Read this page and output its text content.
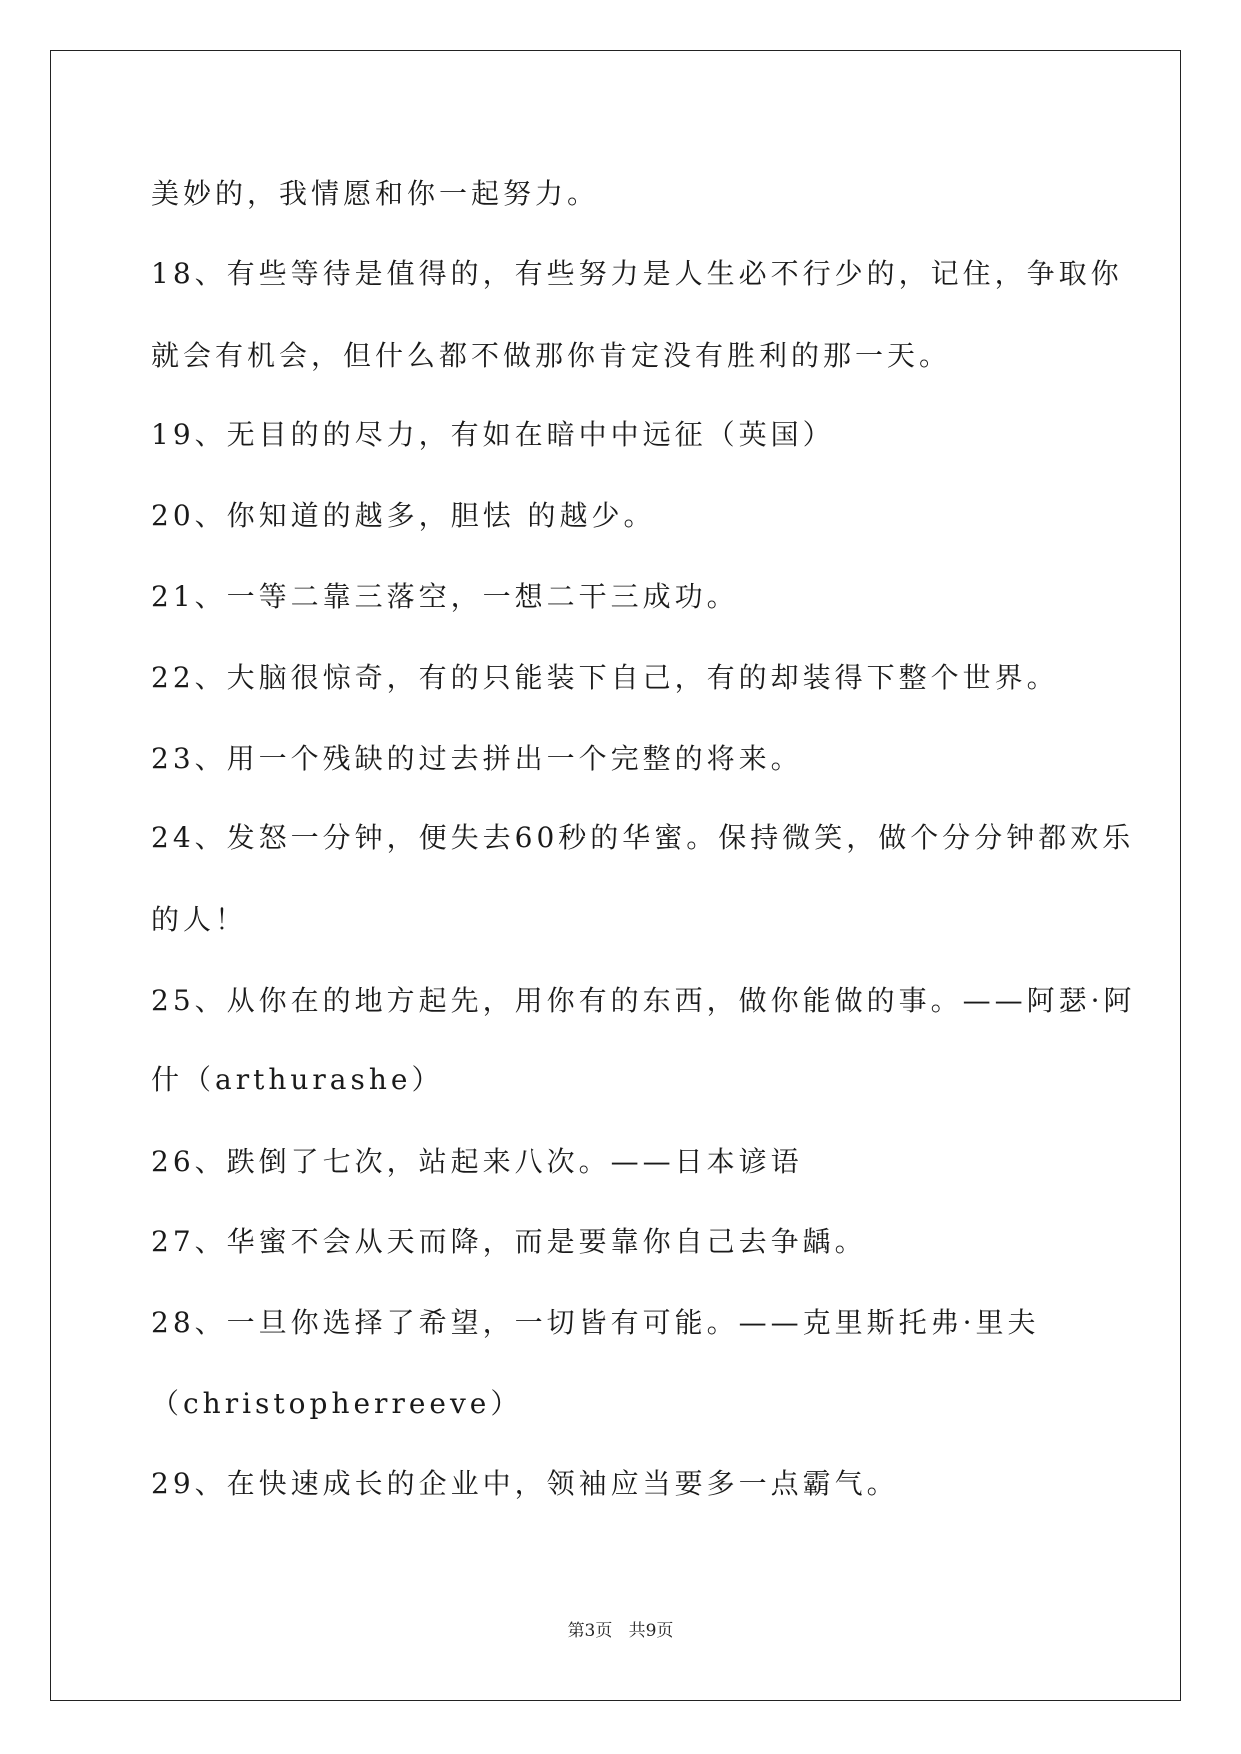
美妙的，我情愿和你一起努力。
18、有些等待是值得的，有些努力是人生必不行少的，记住，争取你
就会有机会，但什么都不做那你肯定没有胜利的那一天。
19、无目的的尽力，有如在暗中中远征（英国）
20、你知道的越多，胆怯 的越少。
21、一等二靠三落空，一想二干三成功。
22、大脑很惊奇，有的只能装下自己，有的却装得下整个世界。
23、用一个残缺的过去拼出一个完整的将来。
24、发怒一分钟，便失去60秒的华蜜。保持微笑，做个分分钟都欢乐
的人！
25、从你在的地方起先，用你有的东西，做你能做的事。——阿瑟·阿
什（arthurashe）
26、跌倒了七次，站起来八次。——日本谚语
27、华蜜不会从天而降，而是要靠你自己去争龋。
28、一旦你选择了希望，一切皆有可能。——克里斯托弗·里夫
（christopherreeve）
29、在快速成长的企业中，领袖应当要多一点霸气。
第3页 共9页
